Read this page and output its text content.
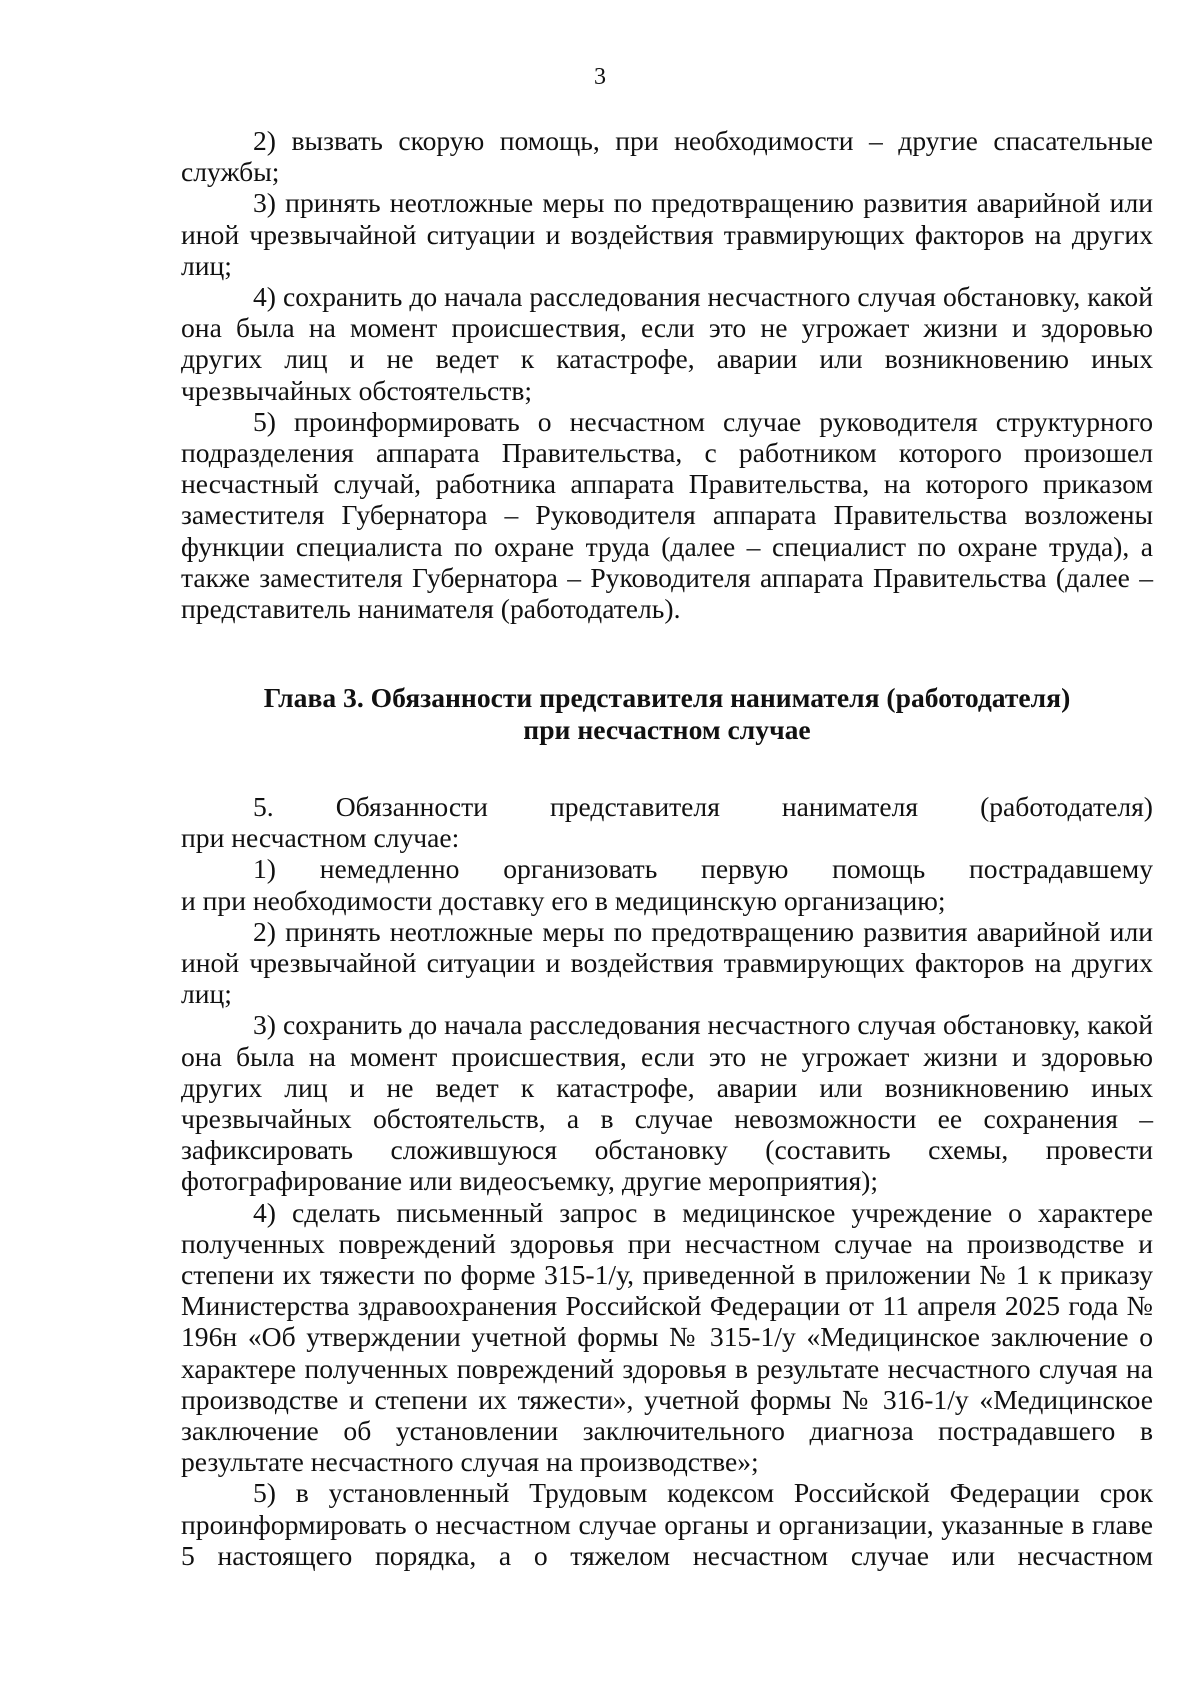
3

2) вызвать скорую помощь, при необходимости – другие спасательные службы;

3) принять неотложные меры по предотвращению развития аварийной или иной чрезвычайной ситуации и воздействия травмирующих факторов на других лиц;

4) сохранить до начала расследования несчастного случая обстановку, какой она была на момент происшествия, если это не угрожает жизни и здоровью других лиц и не ведет к катастрофе, аварии или возникновению иных чрезвычайных обстоятельств;

5) проинформировать о несчастном случае руководителя структурного подразделения аппарата Правительства, с работником которого произошел несчастный случай, работника аппарата Правительства, на которого приказом заместителя Губернатора – Руководителя аппарата Правительства возложены функции специалиста по охране труда (далее – специалист по охране труда), а также заместителя Губернатора – Руководителя аппарата Правительства (далее – представитель нанимателя (работодатель).

Глава 3. Обязанности представителя нанимателя (работодателя)
при несчастном случае

5. Обязанности представителя нанимателя (работодателя)

при несчастном случае:

1) немедленно организовать первую помощь пострадавшему

и при необходимости доставку его в медицинскую организацию;

2) принять неотложные меры по предотвращению развития аварийной или иной чрезвычайной ситуации и воздействия травмирующих факторов на других лиц;

3) сохранить до начала расследования несчастного случая обстановку, какой она была на момент происшествия, если это не угрожает жизни и здоровью других лиц и не ведет к катастрофе, аварии или возникновению иных чрезвычайных обстоятельств, а в случае невозможности ее сохранения – зафиксировать сложившуюся обстановку (составить схемы, провести фотографирование или видеосъемку, другие мероприятия);

4) сделать письменный запрос в медицинское учреждение о характере полученных повреждений здоровья при несчастном случае на производстве и степени их тяжести по форме 315-1/у, приведенной в приложении № 1 к приказу Министерства здравоохранения Российской Федерации от 11 апреля 2025 года № 196н «Об утверждении учетной формы № 315-1/у «Медицинское заключение о характере полученных повреждений здоровья в результате несчастного случая на производстве и степени их тяжести», учетной формы № 316-1/у «Медицинское заключение об установлении заключительного диагноза пострадавшего в результате несчастного случая на производстве»;

5) в установленный Трудовым кодексом Российской Федерации срок проинформировать о несчастном случае органы и организации, указанные в главе 5 настоящего порядка, а о тяжелом несчастном случае или несчастном
